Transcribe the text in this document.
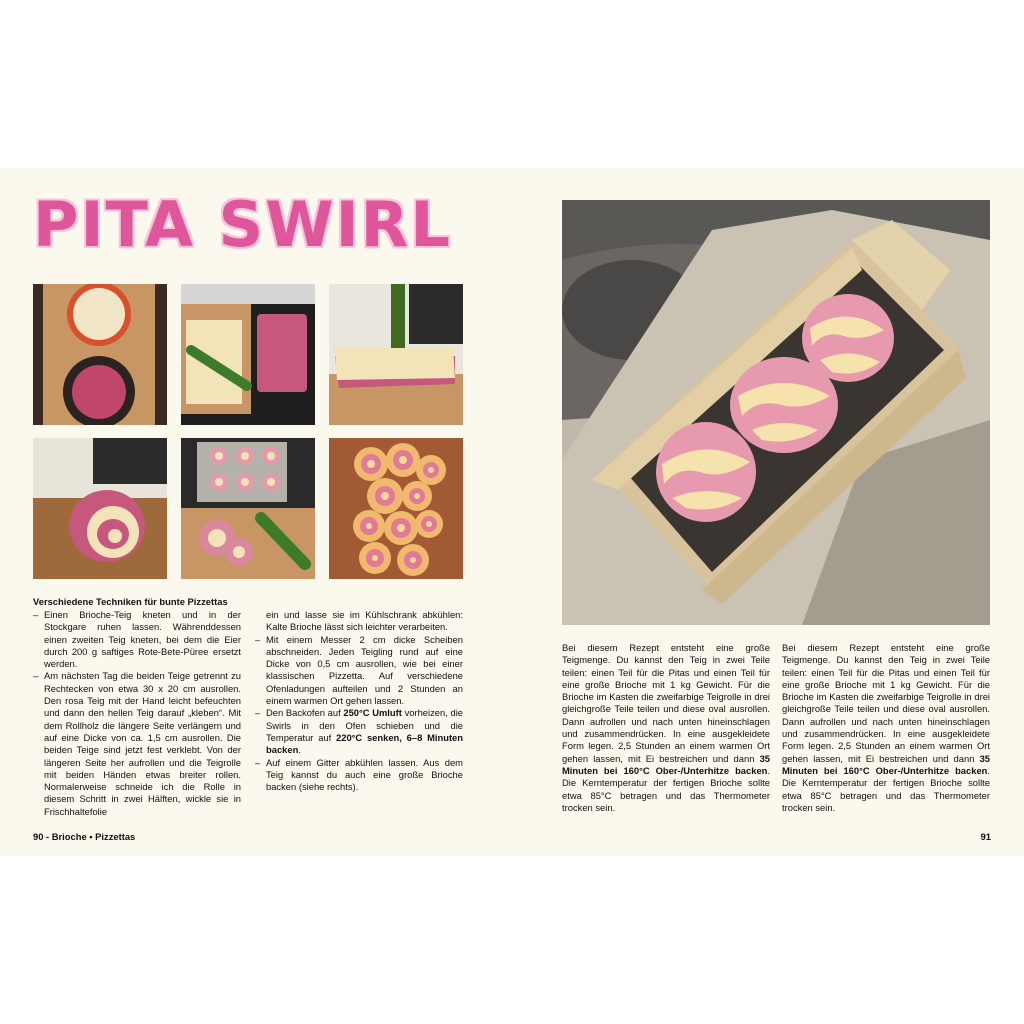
PITA SWIRL

Verschiedene Techniken für bunte Pizzettas

– Einen Brioche-Teig kneten und in der Stockgare ruhen lassen. Währenddessen einen zweiten Teig kneten, bei dem die Eier durch 200 g saftiges Rote-Bete-Püree ersetzt werden.
– Am nächsten Tag die beiden Teige getrennt zu Rechtecken von etwa 30 x 20 cm ausrollen. Den rosa Teig mit der Hand leicht befeuchten und dann den hellen Teig darauf „kleben“. Mit dem Rollholz die längere Seite verlängern und auf eine Dicke von ca. 1,5 cm ausrollen. Die beiden Teige sind jetzt fest verklebt. Von der längeren Seite her aufrollen und die Teigrolle mit beiden Händen etwas breiter rollen. Normalerweise schneide ich die Rolle in diesem Schritt in zwei Hälften, wickle sie in Frischhaltefolie
ein und lasse sie im Kühlschrank abkühlen: Kalte Brioche lässt sich leichter verarbeiten.
– Mit einem Messer 2 cm dicke Scheiben abschneiden. Jeden Teigling rund auf eine Dicke von 0,5 cm ausrollen, wie bei einer klassischen Pizzetta. Auf verschiedene Ofenladungen aufteilen und 2 Stunden an einem warmen Ort gehen lassen.
– Den Backofen auf 250°C Umluft vorheizen, die Swirls in den Ofen schieben und die Temperatur auf 220°C senken, 6–8 Minuten backen.
– Auf einem Gitter abkühlen lassen. Aus dem Teig kannst du auch eine große Brioche backen (siehe rechts).

Bei diesem Rezept entsteht eine große Teigmenge. Du kannst den Teig in zwei Teile teilen: einen Teil für die Pitas und einen Teil für eine große Brioche mit 1 kg Gewicht. Für die Brioche im Kasten die zweifarbige Teigrolle in drei gleichgroße Teile teilen und diese oval ausrollen. Dann aufrollen und nach unten hineinschlagen und zusammendrücken. In eine ausgekleidete Form legen. 2,5 Stunden an einem warmen Ort gehen lassen, mit Ei bestreichen und dann 35 Minuten bei 160°C Ober-/Unterhitze backen. Die Kerntemperatur der fertigen Brioche sollte etwa 85°C betragen und das Thermometer trocken sein.

Bei diesem Rezept entsteht eine große Teigmenge. Du kannst den Teig in zwei Teile teilen: einen Teil für die Pitas und einen Teil für eine große Brioche mit 1 kg Gewicht. Für die Brioche im Kasten die zweifarbige Teigrolle in drei gleichgroße Teile teilen und diese oval ausrollen. Dann aufrollen und nach unten hineinschlagen und zusammendrücken. In eine ausgekleidete Form legen. 2,5 Stunden an einem warmen Ort gehen lassen, mit Ei bestreichen und dann 35 Minuten bei 160°C Ober-/Unterhitze backen. Die Kerntemperatur der fertigen Brioche sollte etwa 85°C betragen und das Thermometer trocken sein.

90 - Brioche • Pizzettas	91
